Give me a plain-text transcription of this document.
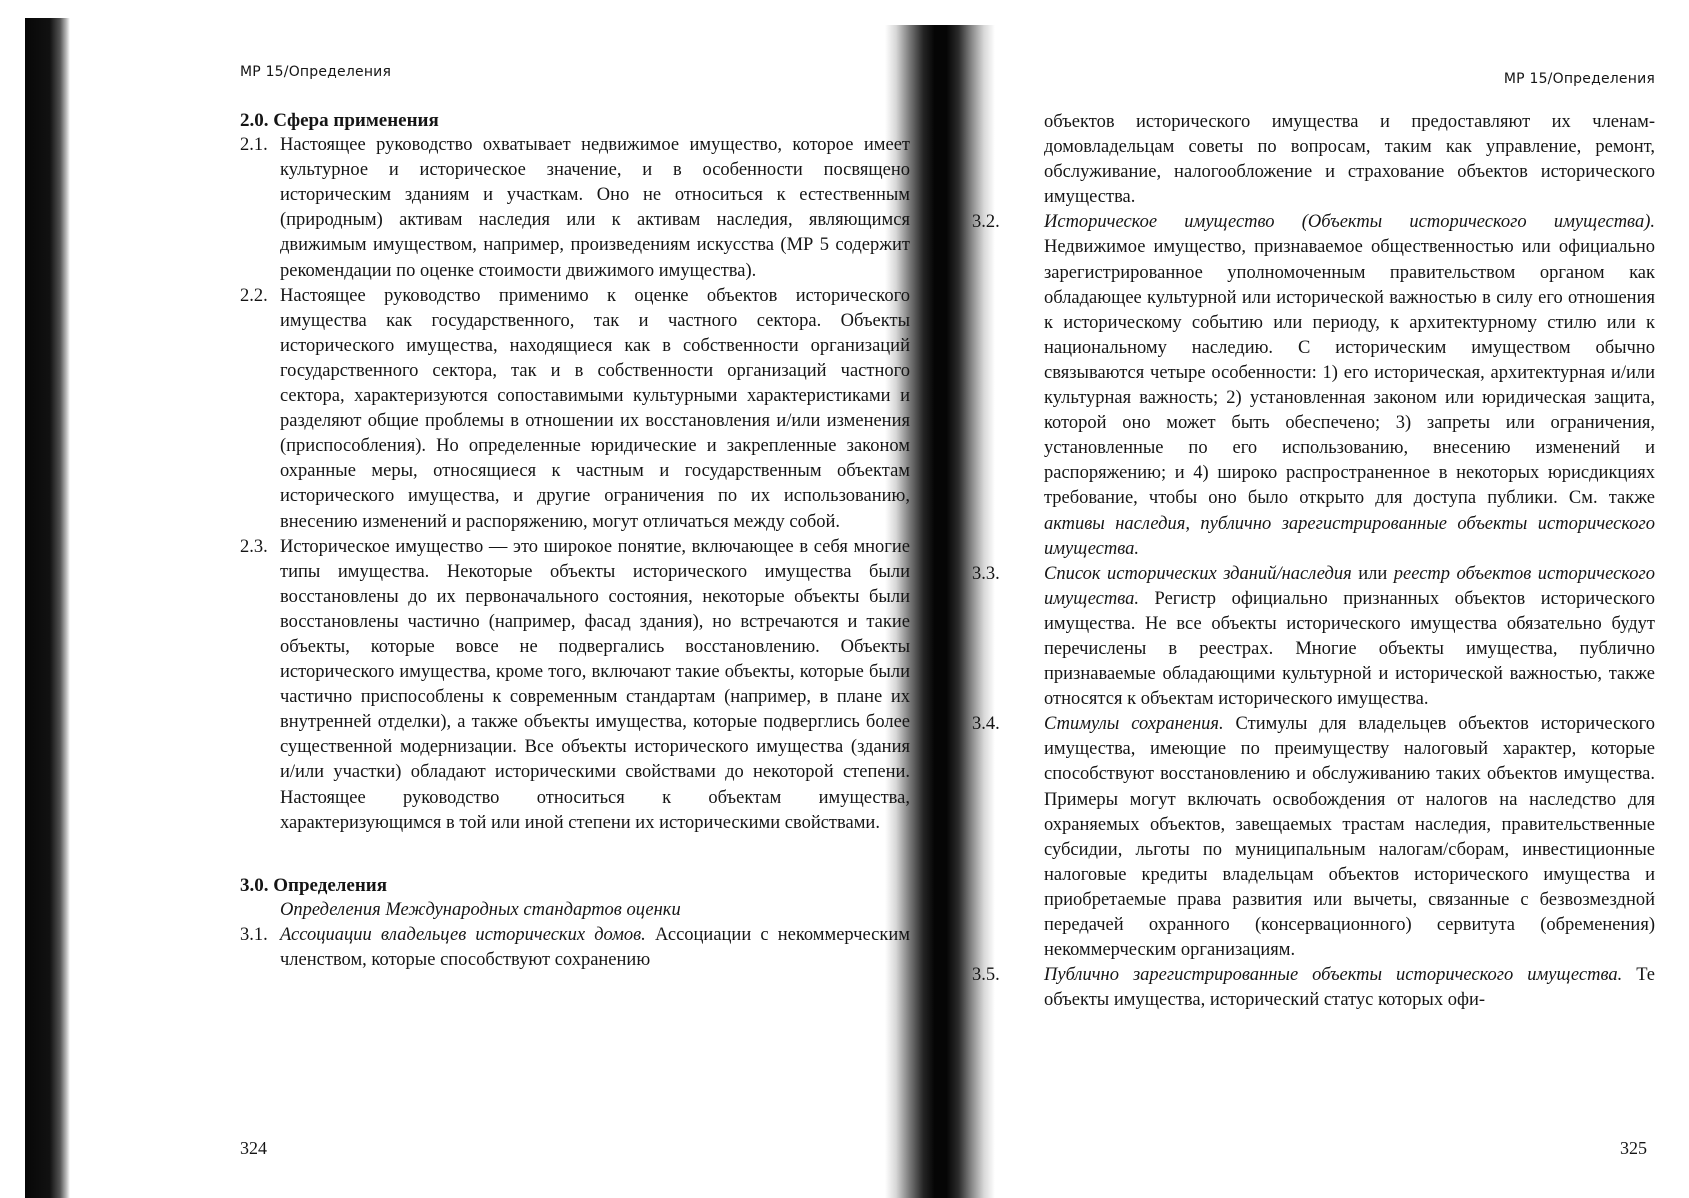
МР 15/Определения
2.0. Сфера применения

2.1. Настоящее руководство охватывает недвижимое имущество, которое имеет культурное и историческое значение, и в особенности посвящено историческим зданиям и участкам. Оно не относиться к естественным (природным) активам наследия или к активам наследия, являющимся движимым имуществом, например, произведениям искусства (МР 5 содержит рекомендации по оценке стоимости движимого имущества).

2.2. Настоящее руководство применимо к оценке объектов исторического имущества как государственного, так и частного сектора. Объекты исторического имущества, находящиеся как в собственности организаций государственного сектора, так и в собственности организаций частного сектора, характеризуются сопоставимыми культурными характеристиками и разделяют общие проблемы в отношении их восстановления и/или изменения (приспособления). Но определенные юридические и закрепленные законом охранные меры, относящиеся к частным и государственным объектам исторического имущества, и другие ограничения по их использованию, внесению изменений и распоряжению, могут отличаться между собой.

2.3. Историческое имущество — это широкое понятие, включающее в себя многие типы имущества. Некоторые объекты исторического имущества были восстановлены до их первоначального состояния, некоторые объекты были восстановлены частично (например, фасад здания), но встречаются и такие объекты, которые вовсе не подвергались восстановлению. Объекты исторического имущества, кроме того, включают такие объекты, которые были частично приспособлены к современным стандартам (например, в плане их внутренней отделки), а также объекты имущества, которые подверглись более существенной модернизации. Все объекты исторического имущества (здания и/или участки) обладают историческими свойствами до некоторой степени. Настоящее руководство относиться к объектам имущества, характеризующимся в той или иной степени их историческими свойствами.

3.0. Определения

Определения Международных стандартов оценки

3.1. Ассоциации владельцев исторических домов. Ассоциации с некоммерческим членством, которые способствуют сохранению

324
МР 15/Определения

объектов исторического имущества и предоставляют их членам-домовладельцам советы по вопросам, таким как управление, ремонт, обслуживание, налогообложение и страхование объектов исторического имущества.

3.2. Историческое имущество (Объекты исторического имущества). Недвижимое имущество, признаваемое общественностью или официально зарегистрированное уполномоченным правительством органом как обладающее культурной или исторической важностью в силу его отношения к историческому событию или периоду, к архитектурному стилю или к национальному наследию. С историческим имуществом обычно связываются четыре особенности: 1) его историческая, архитектурная и/или культурная важность; 2) установленная законом или юридическая защита, которой оно может быть обеспечено; 3) запреты или ограничения, установленные по его использованию, внесению изменений и распоряжению; и 4) широко распространенное в некоторых юрисдикциях требование, чтобы оно было открыто для доступа публики. См. также активы наследия, публично зарегистрированные объекты исторического имущества.

3.3. Список исторических зданий/наследия или реестр объектов исторического имущества. Регистр официально признанных объектов исторического имущества. Не все объекты исторического имущества обязательно будут перечислены в реестрах. Многие объекты имущества, публично признаваемые обладающими культурной и исторической важностью, также относятся к объектам исторического имущества.

3.4. Стимулы сохранения. Стимулы для владельцев объектов исторического имущества, имеющие по преимуществу налоговый характер, которые способствуют восстановлению и обслуживанию таких объектов имущества. Примеры могут включать освобождения от налогов на наследство для охраняемых объектов, завещаемых трастам наследия, правительственные субсидии, льготы по муниципальным налогам/сборам, инвестиционные налоговые кредиты владельцам объектов исторического имущества и приобретаемые права развития или вычеты, связанные с безвозмездной передачей охранного (консервационного) сервитута (обременения) некоммерческим организациям.

3.5. Публично зарегистрированные объекты исторического имущества. Те объекты имущества, исторический статус которых офи-

325
